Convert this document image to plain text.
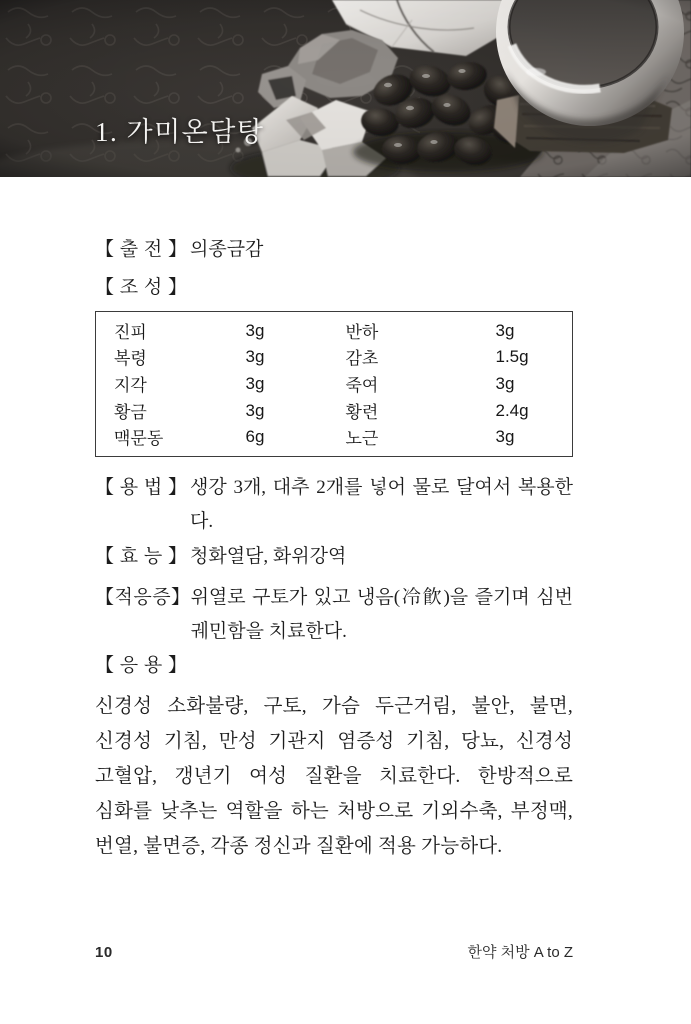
1. 가미온담탕
【 출 전 】 의종금감
【 조 성 】
진피	3g	반하	3g
복령	3g	감초	1.5g
지각	3g	죽여	3g
황금	3g	황련	2.4g
맥문동	6g	노근	3g
【 용 법 】 생강 3개, 대추 2개를 넣어 물로 달여서 복용한다.
【 효 능 】 청화열담, 화위강역
【적응증】 위열로 구토가 있고 냉음(冷飮)을 즐기며 심번궤민함을 치료한다.
【 응 용 】

신경성 소화불량, 구토, 가슴 두근거림, 불안, 불면, 신경성 기침, 만성 기관지 염증성 기침, 당뇨, 신경성 고혈압, 갱년기 여성 질환을 치료한다. 한방적으로 심화를 낮추는 역할을 하는 처방으로 기외수축, 부정맥, 번열, 불면증, 각종 정신과 질환에 적용 가능하다.

10	한약 처방 A to Z
